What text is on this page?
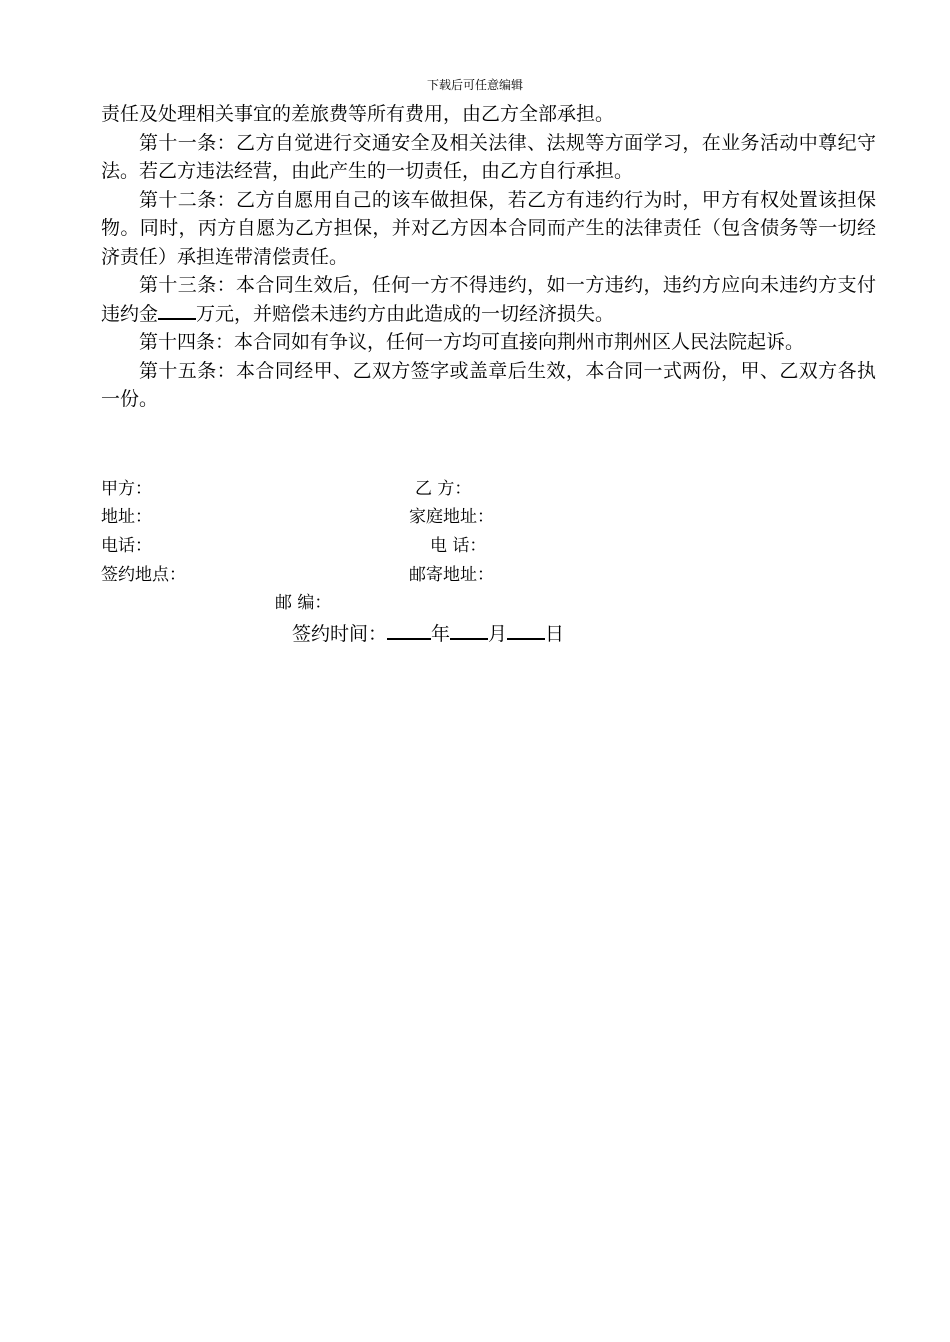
下载后可任意编辑

责任及处理相关事宜的差旅费等所有费用，由乙方全部承担。

第十一条：乙方自觉进行交通安全及相关法律、法规等方面学习，在业务活动中尊纪守法。若乙方违法经营，由此产生的一切责任，由乙方自行承担。

第十二条：乙方自愿用自己的该车做担保，若乙方有违约行为时，甲方有权处置该担保物。同时，丙方自愿为乙方担保，并对乙方因本合同而产生的法律责任（包含债务等一切经济责任）承担连带清偿责任。

第十三条：本合同生效后，任何一方不得违约，如一方违约，违约方应向未违约方支付违约金 万元，并赔偿未违约方由此造成的一切经济损失。

第十四条：本合同如有争议，任何一方均可直接向荆州市荆州区人民法院起诉。

第十五条：本合同经甲、乙双方签字或盖章后生效，本合同一式两份，甲、乙双方各执一份。

甲方：	乙 方：
地址：	家庭地址：
电话：	电 话：
签约地点：	邮寄地址：
邮 编：
签约时间： 年 月 日
